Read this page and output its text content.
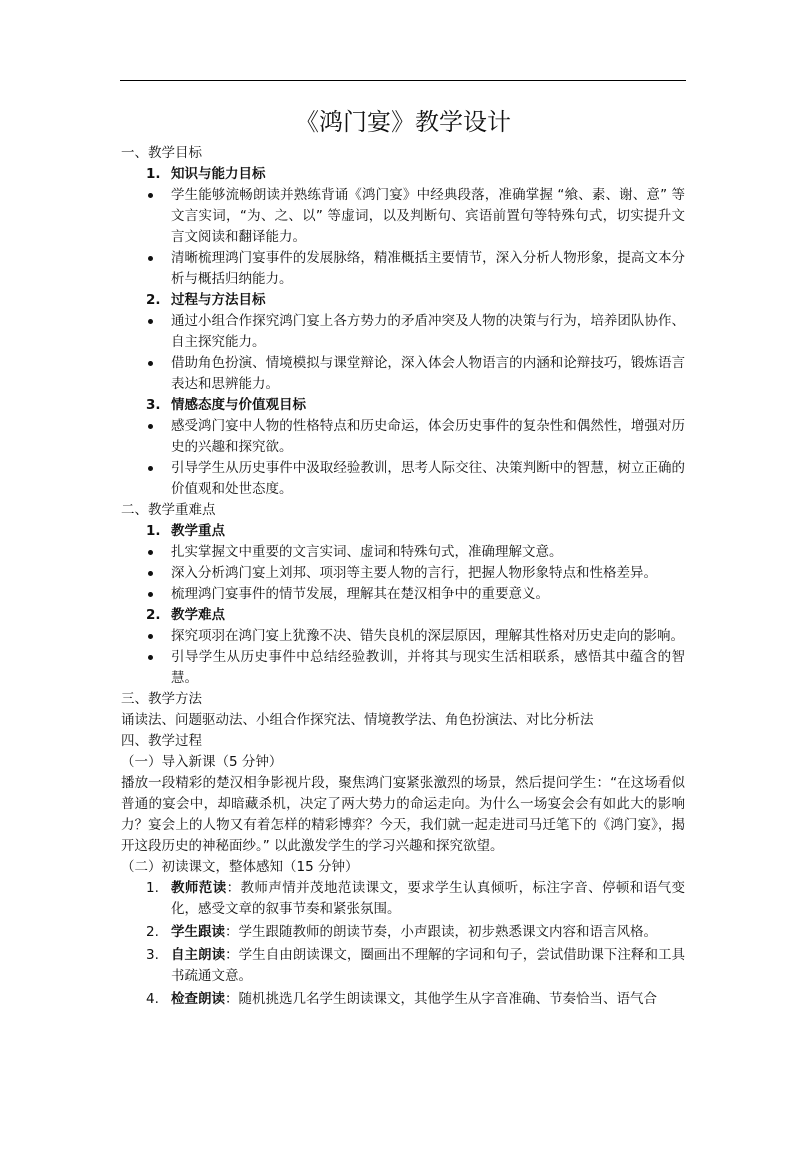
《鸿门宴》教学设计

一、教学目标

1. 知识与能力目标

学生能够流畅朗读并熟练背诵《鸿门宴》中经典段落，准确掌握 “飨、素、谢、意” 等文言实词，“为、之、以” 等虚词，以及判断句、宾语前置句等特殊句式，切实提升文言文阅读和翻译能力。

清晰梳理鸿门宴事件的发展脉络，精准概括主要情节，深入分析人物形象，提高文本分析与概括归纳能力。

2. 过程与方法目标

通过小组合作探究鸿门宴上各方势力的矛盾冲突及人物的决策与行为，培养团队协作、自主探究能力。

借助角色扮演、情境模拟与课堂辩论，深入体会人物语言的内涵和论辩技巧，锻炼语言表达和思辨能力。

3. 情感态度与价值观目标

感受鸿门宴中人物的性格特点和历史命运，体会历史事件的复杂性和偶然性，增强对历史的兴趣和探究欲。

引导学生从历史事件中汲取经验教训，思考人际交往、决策判断中的智慧，树立正确的价值观和处世态度。

二、教学重难点

1. 教学重点

扎实掌握文中重要的文言实词、虚词和特殊句式，准确理解文意。

深入分析鸿门宴上刘邦、项羽等主要人物的言行，把握人物形象特点和性格差异。

梳理鸿门宴事件的情节发展，理解其在楚汉相争中的重要意义。

2. 教学难点

探究项羽在鸿门宴上犹豫不决、错失良机的深层原因，理解其性格对历史走向的影响。

引导学生从历史事件中总结经验教训，并将其与现实生活相联系，感悟其中蕴含的智慧。

三、教学方法

诵读法、问题驱动法、小组合作探究法、情境教学法、角色扮演法、对比分析法

四、教学过程

（一）导入新课（5 分钟）

播放一段精彩的楚汉相争影视片段，聚焦鸿门宴紧张激烈的场景，然后提问学生：“在这场看似普通的宴会中，却暗藏杀机，决定了两大势力的命运走向。为什么一场宴会会有如此大的影响力？宴会上的人物又有着怎样的精彩博弈？今天，我们就一起走进司马迁笔下的《鸿门宴》，揭开这段历史的神秘面纱。” 以此激发学生的学习兴趣和探究欲望。

（二）初读课文，整体感知（15 分钟）

1. 教师范读：教师声情并茂地范读课文，要求学生认真倾听，标注字音、停顿和语气变化，感受文章的叙事节奏和紧张氛围。

2. 学生跟读：学生跟随教师的朗读节奏，小声跟读，初步熟悉课文内容和语言风格。

3. 自主朗读：学生自由朗读课文，圈画出不理解的字词和句子，尝试借助课下注释和工具书疏通文意。

4. 检查朗读：随机挑选几名学生朗读课文，其他学生从字音准确、节奏恰当、语气合
